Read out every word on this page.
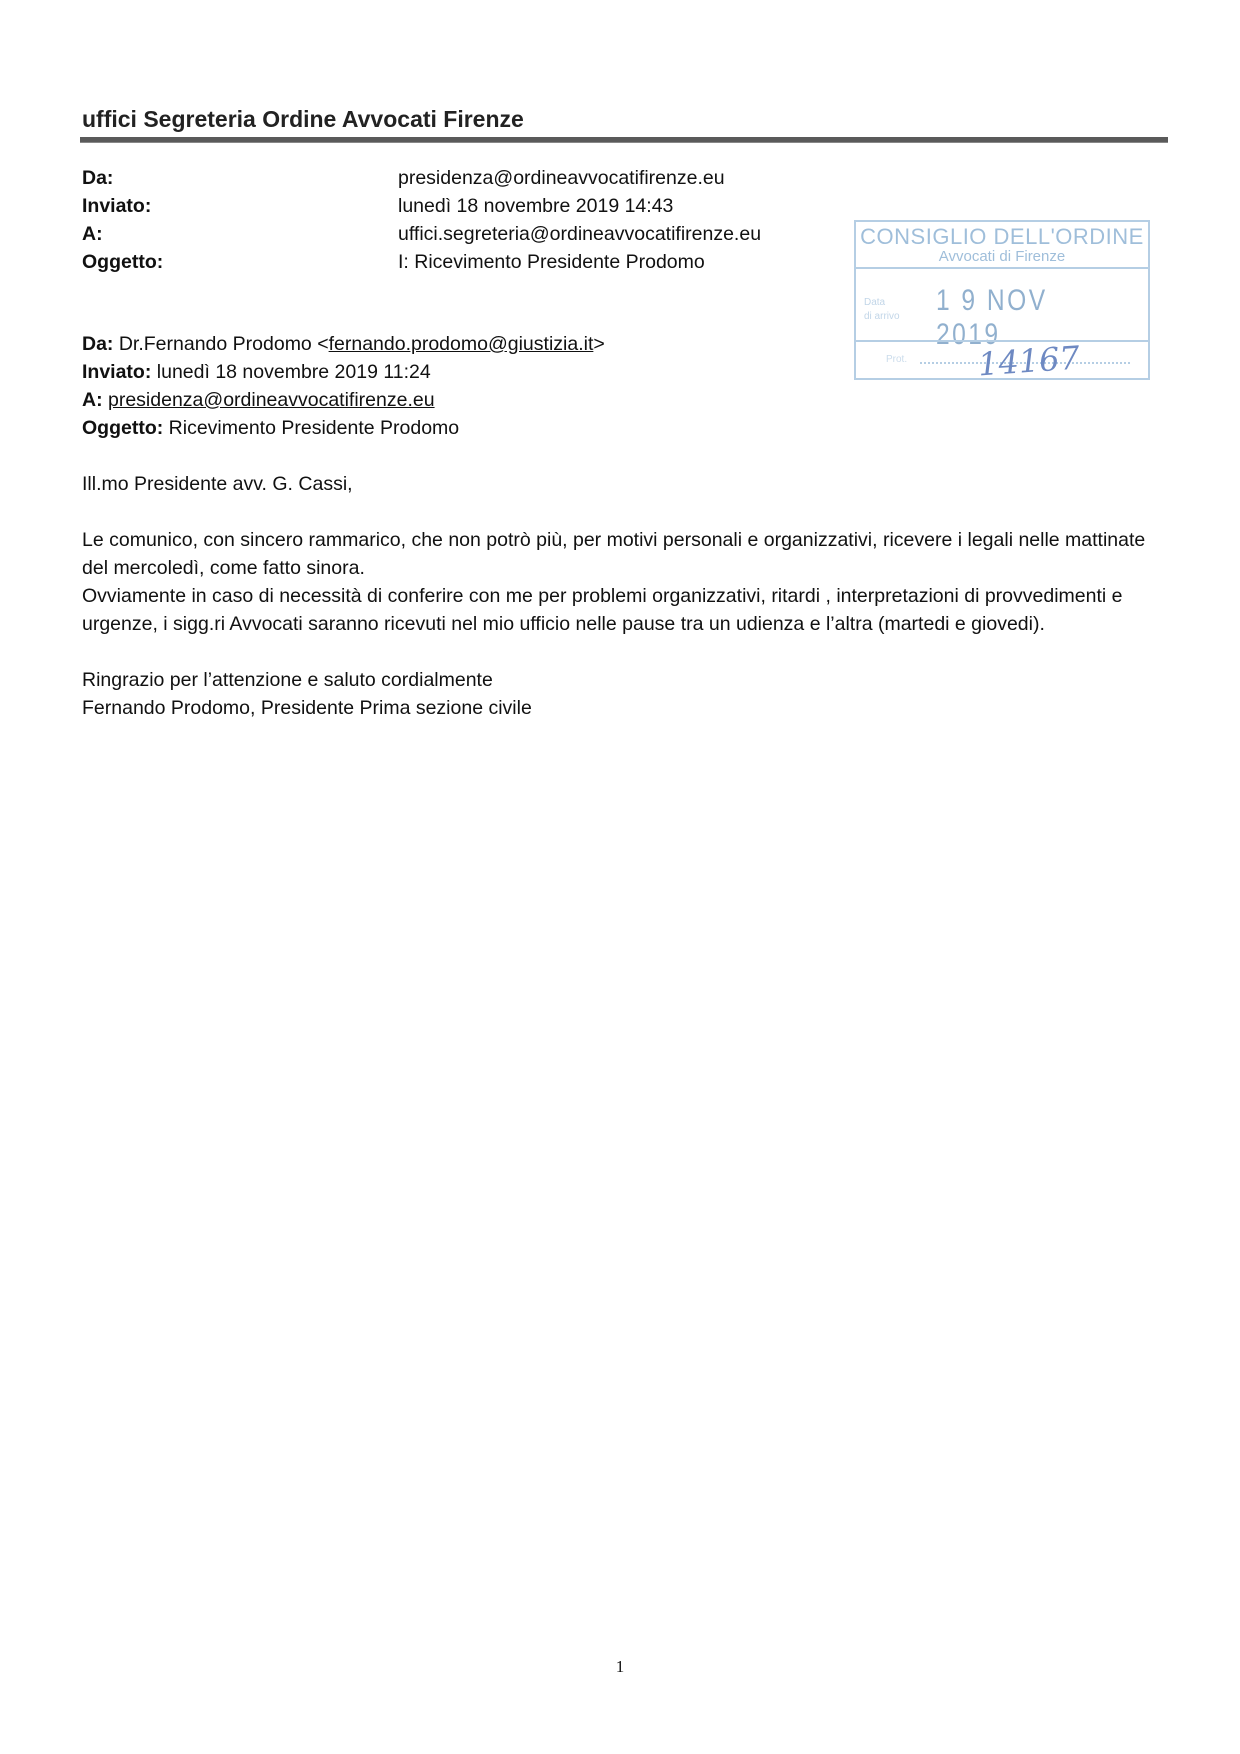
uffici Segreteria Ordine Avvocati Firenze
Da:	presidenza@ordineavvocatifirenze.eu
Inviato:	lunedì 18 novembre 2019 14:43
A:	uffici.segreteria@ordineavvocatifirenze.eu
Oggetto:	I: Ricevimento Presidente Prodomo
CONSIGLIO DELL'ORDINE
Avvocati di Firenze
Data
di arrivo 1 9 NOV 2019
Prot. 14167
Da: Dr.Fernando Prodomo <fernando.prodomo@giustizia.it>
Inviato: lunedì 18 novembre 2019 11:24
A: presidenza@ordineavvocatifirenze.eu
Oggetto: Ricevimento Presidente Prodomo

Ill.mo Presidente avv. G. Cassi,

Le comunico, con sincero rammarico, che non potrò più, per motivi personali e organizzativi, ricevere i legali nelle mattinate del mercoledì, come fatto sinora.

Ovviamente in caso di necessità di conferire con me per problemi organizzativi, ritardi , interpretazioni di provvedimenti e urgenze, i sigg.ri Avvocati saranno ricevuti nel mio ufficio nelle pause tra un udienza e l’altra (martedi e giovedi).

Ringrazio per l’attenzione e saluto cordialmente

Fernando Prodomo, Presidente Prima sezione civile

1
